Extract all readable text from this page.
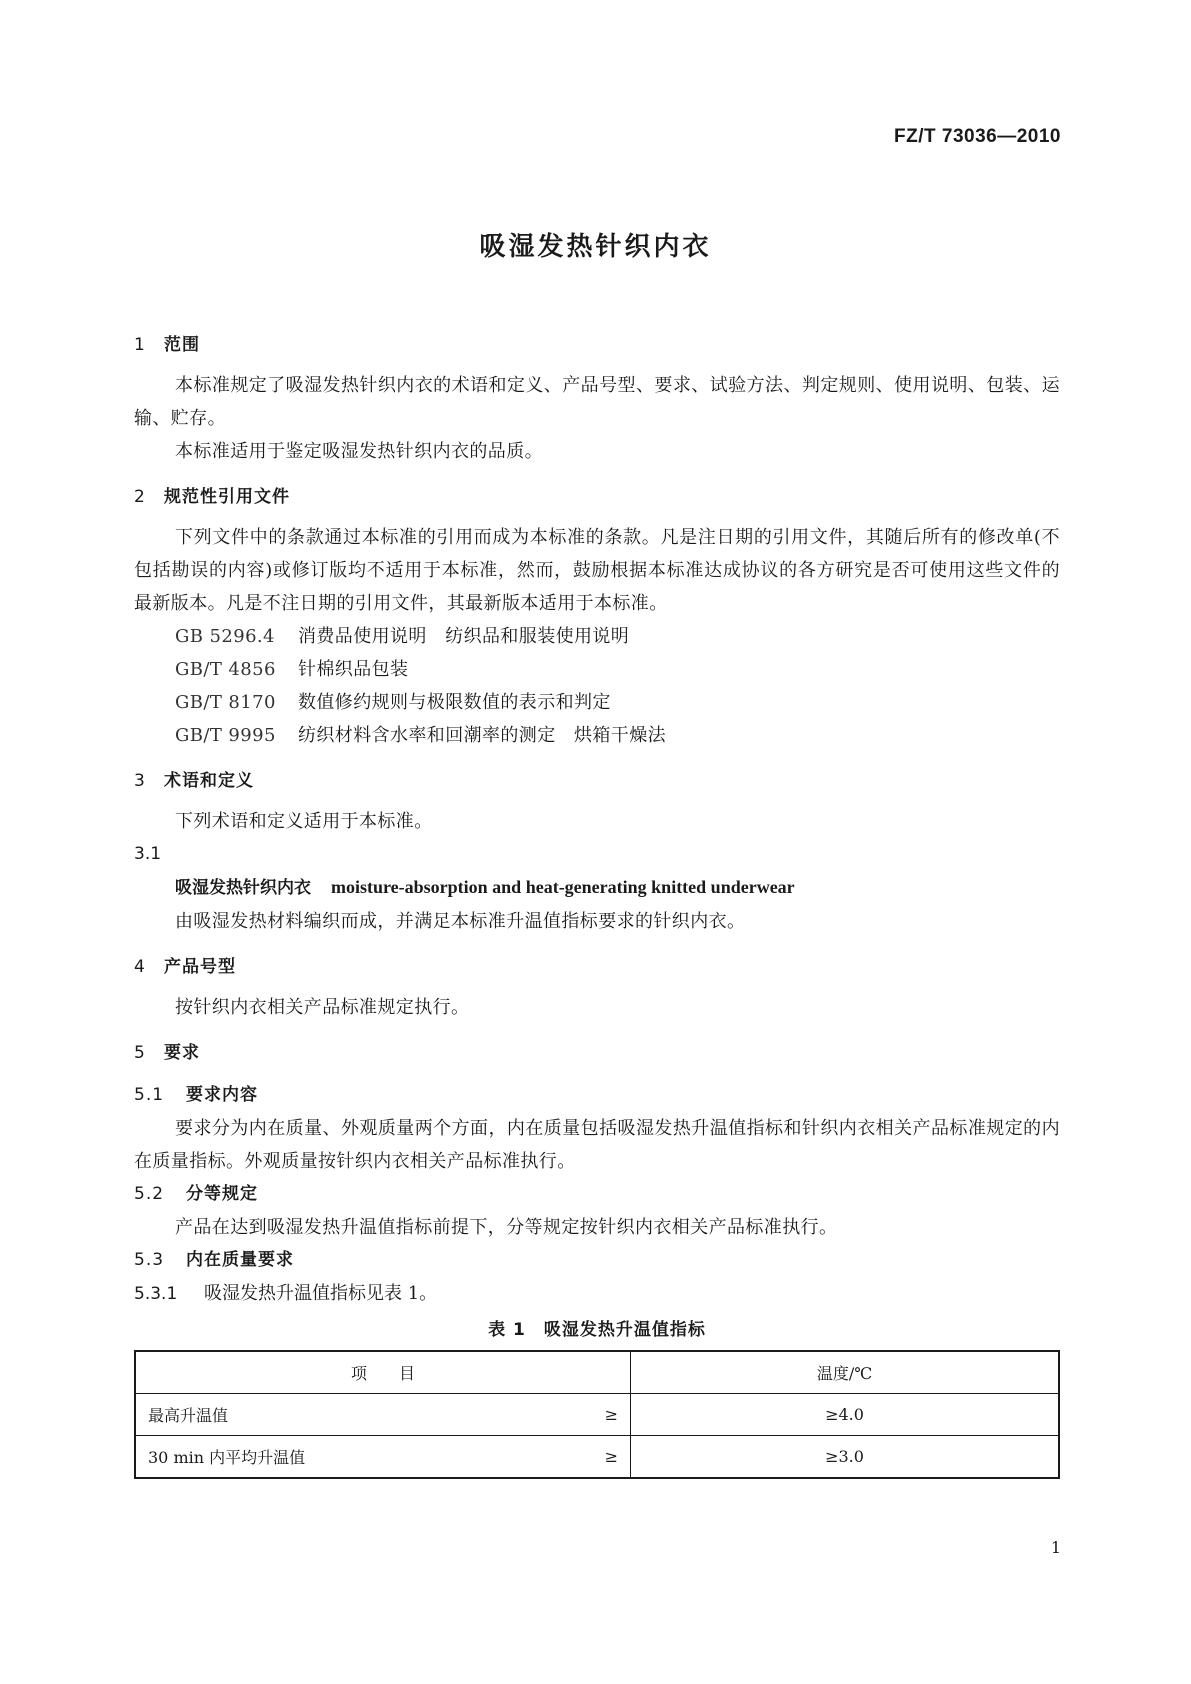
FZ/T 73036—2010
吸湿发热针织内衣

1 范围

本标准规定了吸湿发热针织内衣的术语和定义、产品号型、要求、试验方法、判定规则、使用说明、包装、运输、贮存。

本标准适用于鉴定吸湿发热针织内衣的品质。

2 规范性引用文件

下列文件中的条款通过本标准的引用而成为本标准的条款。凡是注日期的引用文件，其随后所有的修改单(不包括勘误的内容)或修订版均不适用于本标准，然而，鼓励根据本标准达成协议的各方研究是否可使用这些文件的最新版本。凡是不注日期的引用文件，其最新版本适用于本标准。

GB 5296.4 消费品使用说明　纺织品和服装使用说明

GB/T 4856 针棉织品包装

GB/T 8170 数值修约规则与极限数值的表示和判定

GB/T 9995 纺织材料含水率和回潮率的测定　烘箱干燥法

3 术语和定义

下列术语和定义适用于本标准。

3.1

吸湿发热针织内衣 moisture-absorption and heat-generating knitted underwear

由吸湿发热材料编织而成，并满足本标准升温值指标要求的针织内衣。

4 产品号型

按针织内衣相关产品标准规定执行。

5 要求

5.1 要求内容

要求分为内在质量、外观质量两个方面，内在质量包括吸湿发热升温值指标和针织内衣相关产品标准规定的内在质量指标。外观质量按针织内衣相关产品标准执行。

5.2 分等规定

产品在达到吸湿发热升温值指标前提下，分等规定按针织内衣相关产品标准执行。

5.3 内在质量要求

5.3.1 吸湿发热升温值指标见表 1。

表 1　吸湿发热升温值指标

项　　目	温度/℃

最高升温值 ≥	≥4.0

30 min 内平均升温值 ≥	≥3.0
1
